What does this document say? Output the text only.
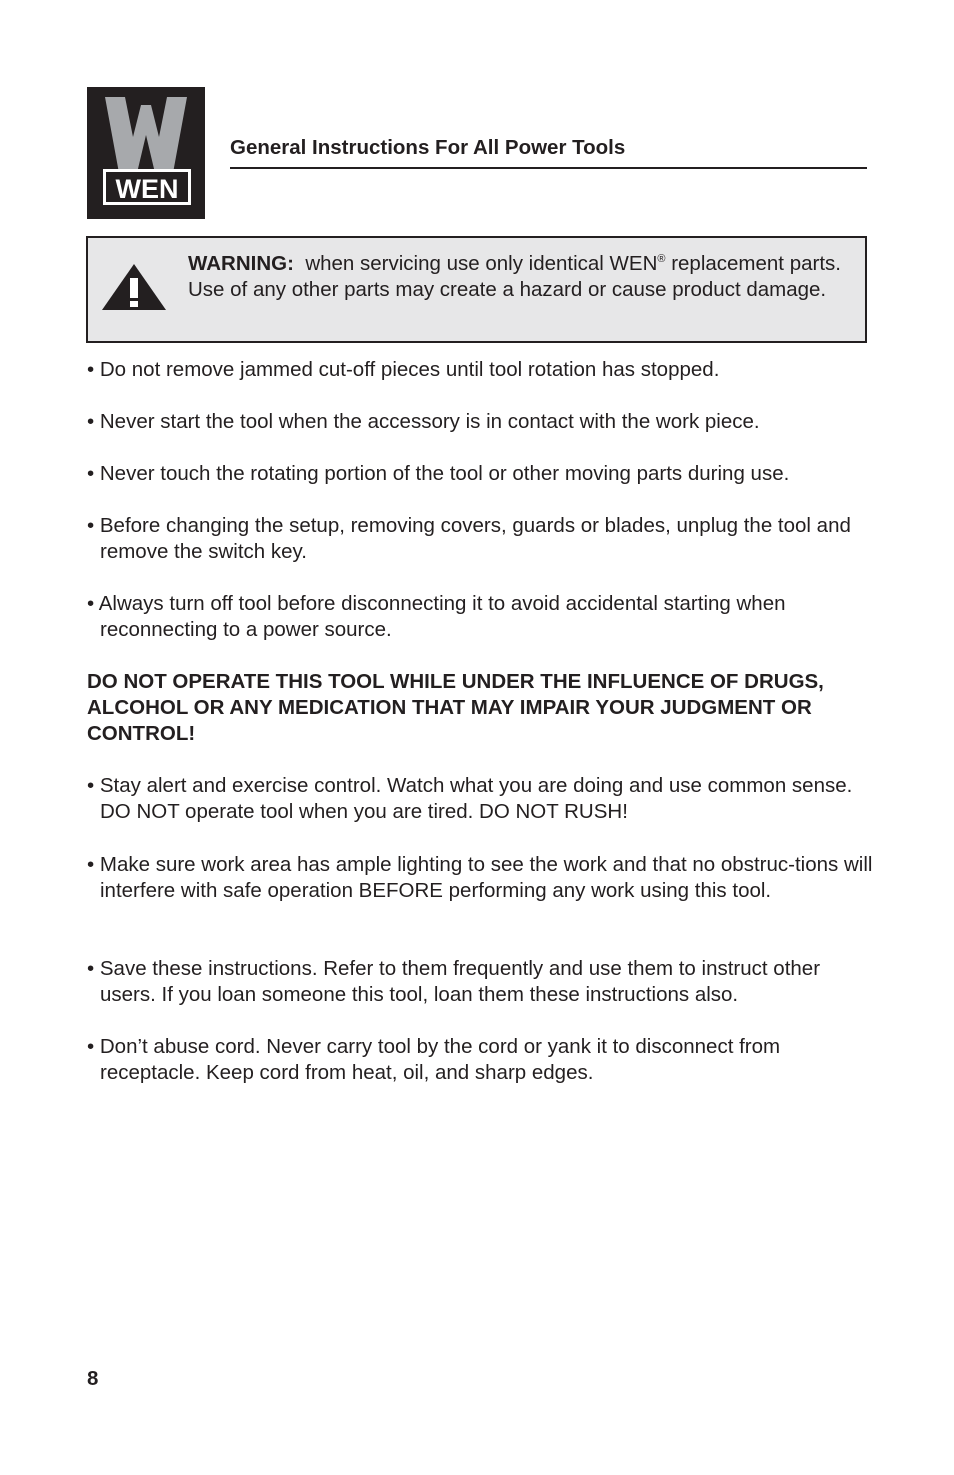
WEN
General Instructions For All Power Tools
WARNING: when servicing use only identical WEN® replacement parts. Use of any other parts may create a hazard or cause product damage.
• Do not remove jammed cut-off pieces until tool rotation has stopped.
• Never start the tool when the accessory is in contact with the work piece.
• Never touch the rotating portion of the tool or other moving parts during use.
• Before changing the setup, removing covers, guards or blades, unplug the tool and remove the switch key.
• Always turn off tool before disconnecting it to avoid accidental starting when reconnecting to a power source.
DO NOT OPERATE THIS TOOL WHILE UNDER THE INFLUENCE OF DRUGS, ALCOHOL OR ANY MEDICATION THAT MAY IMPAIR YOUR JUDGMENT OR CONTROL!
• Stay alert and exercise control. Watch what you are doing and use common sense. DO NOT operate tool when you are tired. DO NOT RUSH!
• Make sure work area has ample lighting to see the work and that no obstruc-tions will interfere with safe operation BEFORE performing any work using this tool.
• Save these instructions. Refer to them frequently and use them to instruct other users. If you loan someone this tool, loan them these instructions also.
• Don’t abuse cord. Never carry tool by the cord or yank it to disconnect from receptacle. Keep cord from heat, oil, and sharp edges.
8
